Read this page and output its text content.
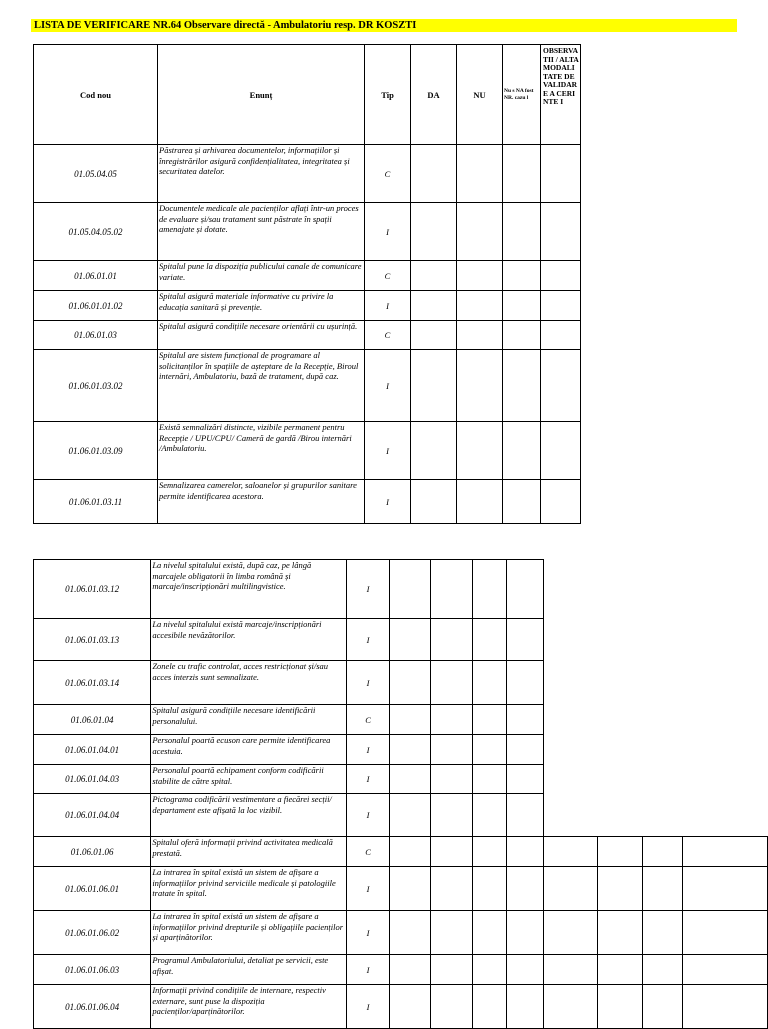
LISTA DE VERIFICARE NR.64 Observare directă - Ambulatoriu resp. DR KOSZTI
Cod nou	Enunț	Tip	DA	NU	Nu s NA fost NR. cazu l	OBSERVA TII / ALTA MODALI TATE DE VALIDAR E A CERINTE I
01.05.04.05	Păstrarea și arhivarea documentelor, informațiilor și înregistrărilor asigură confidențialitatea, integritatea și securitatea datelor.	C				
01.05.04.05.02	Documentele medicale ale pacienților aflați într-un proces de evaluare și/sau tratament sunt păstrate în spații amenajate și dotate.	I				
01.06.01.01	Spitalul pune la dispoziția publicului canale de comunicare variate.	C				
01.06.01.01.02	Spitalul asigură materiale informative cu privire la educația sanitară și prevenție.	I				
01.06.01.03	Spitalul asigură condițiile necesare orientării cu ușurință.	C				
01.06.01.03.02	Spitalul are sistem funcțional de programare al solicitanților în spațiile de așteptare de la Recepție, Biroul internări, Ambulatoriu, bază de tratament, după caz.	I				
01.06.01.03.09	Există semnalizări distincte, vizibile permanent pentru Recepție / UPU/CPU/ Cameră de gardă /Birou internări /Ambulatoriu.	I				
01.06.01.03.11	Semnalizarea camerelor, saloanelor și grupurilor sanitare permite identificarea acestora.	I				
01.06.01.03.12	La nivelul spitalului există, după caz, pe lângă marcajele obligatorii în limba română și marcaje/inscripționări multilingvistice.	I								
01.06.01.03.13	La nivelul spitalului există marcaje/inscripționări accesibile nevăzătorilor.	I								
01.06.01.03.14	Zonele cu trafic controlat, acces restricționat și/sau acces interzis sunt semnalizate.	I								
01.06.01.04	Spitalul asigură condițiile necesare identificării personalului.	C								
01.06.01.04.01	Personalul poartă ecuson care permite identificarea acestuia.	I								
01.06.01.04.03	Personalul poartă echipament conform codificării stabilite de către spital.	I								
01.06.01.04.04	Pictograma codificării vestimentare a fiecărei secții/ departament este afișată la loc vizibil.	I								
01.06.01.06	Spitalul oferă informații privind activitatea medicală prestată.	C								
01.06.01.06.01	La intrarea în spital există un sistem de afișare a informațiilor privind serviciile medicale și patologiile tratate în spital.	I								
01.06.01.06.02	La intrarea în spital există un sistem de afișare a informațiilor privind drepturile și obligațiile pacienților și aparținătorilor.	I								
01.06.01.06.03	Programul Ambulatoriului, detaliat pe servicii, este afișat.	I								
01.06.01.06.04	Informații privind condițiile de internare, respectiv externare, sunt puse la dispoziția pacienților/aparținătorilor.	I								
